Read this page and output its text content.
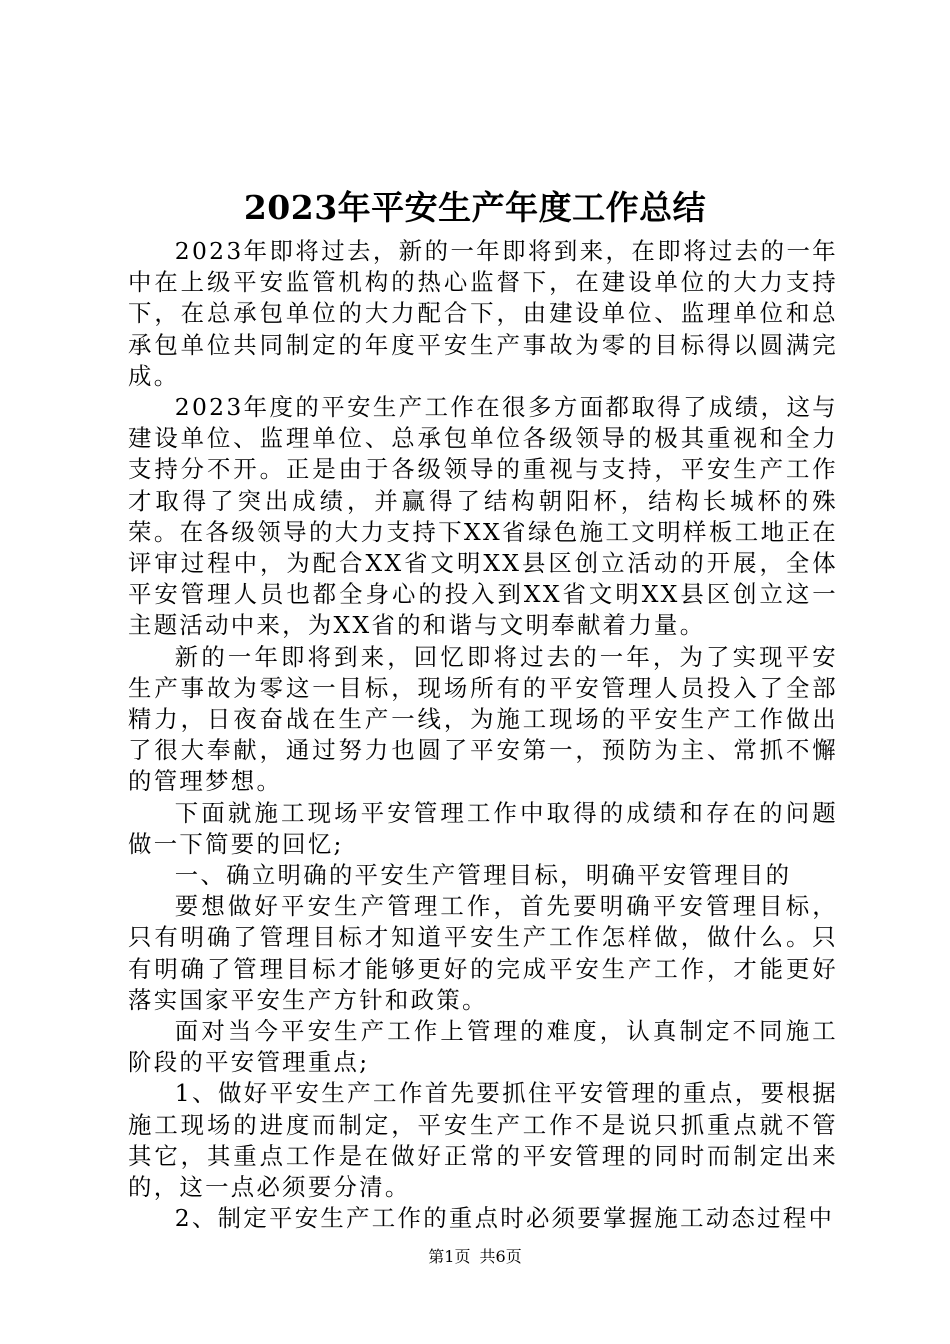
2023年平安生产年度工作总结

2023年即将过去，新的一年即将到来，在即将过去的一年中在上级平安监管机构的热心监督下，在建设单位的大力支持下，在总承包单位的大力配合下，由建设单位、监理单位和总承包单位共同制定的年度平安生产事故为零的目标得以圆满完成。

2023年度的平安生产工作在很多方面都取得了成绩，这与建设单位、监理单位、总承包单位各级领导的极其重视和全力支持分不开。正是由于各级领导的重视与支持，平安生产工作才取得了突出成绩，并赢得了结构朝阳杯，结构长城杯的殊荣。在各级领导的大力支持下XX省绿色施工文明样板工地正在评审过程中，为配合XX省文明XX县区创立活动的开展，全体平安管理人员也都全身心的投入到XX省文明XX县区创立这一主题活动中来，为XX省的和谐与文明奉献着力量。

新的一年即将到来，回忆即将过去的一年，为了实现平安生产事故为零这一目标，现场所有的平安管理人员投入了全部精力，日夜奋战在生产一线，为施工现场的平安生产工作做出了很大奉献，通过努力也圆了平安第一，预防为主、常抓不懈的管理梦想。

下面就施工现场平安管理工作中取得的成绩和存在的问题做一下简要的回忆;

一、确立明确的平安生产管理目标，明确平安管理目的

要想做好平安生产管理工作，首先要明确平安管理目标，只有明确了管理目标才知道平安生产工作怎样做，做什么。只有明确了管理目标才能够更好的完成平安生产工作，才能更好落实国家平安生产方针和政策。

面对当今平安生产工作上管理的难度，认真制定不同施工阶段的平安管理重点;

1、做好平安生产工作首先要抓住平安管理的重点，要根据施工现场的进度而制定，平安生产工作不是说只抓重点就不管其它，其重点工作是在做好正常的平安管理的同时而制定出来的，这一点必须要分清。

2、制定平安生产工作的重点时必须要掌握施工动态过程中

第1页 共6页
